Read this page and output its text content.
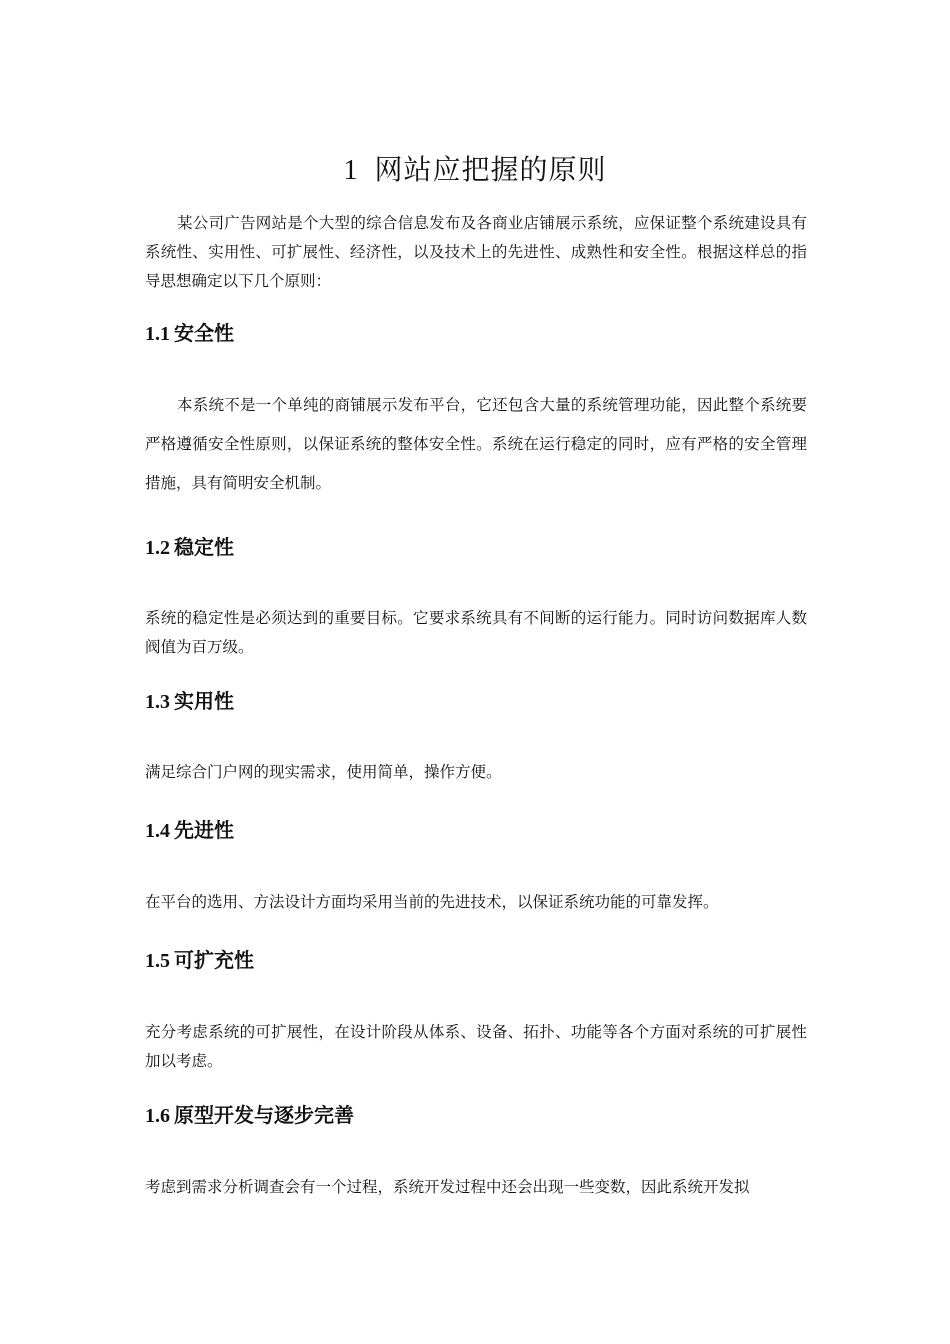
1 网站应把握的原则

某公司广告网站是个大型的综合信息发布及各商业店铺展示系统，应保证整个系统建设具有系统性、实用性、可扩展性、经济性，以及技术上的先进性、成熟性和安全性。根据这样总的指导思想确定以下几个原则：

1.1 安全性

本系统不是一个单纯的商铺展示发布平台，它还包含大量的系统管理功能，因此整个系统要严格遵循安全性原则，以保证系统的整体安全性。系统在运行稳定的同时，应有严格的安全管理措施，具有简明安全机制。

1.2 稳定性

系统的稳定性是必须达到的重要目标。它要求系统具有不间断的运行能力。同时访问数据库人数阀值为百万级。

1.3 实用性

满足综合门户网的现实需求，使用简单，操作方便。

1.4 先进性

在平台的选用、方法设计方面均采用当前的先进技术，以保证系统功能的可靠发挥。

1.5 可扩充性

充分考虑系统的可扩展性，在设计阶段从体系、设备、拓扑、功能等各个方面对系统的可扩展性加以考虑。

1.6 原型开发与逐步完善

考虑到需求分析调查会有一个过程，系统开发过程中还会出现一些变数，因此系统开发拟
